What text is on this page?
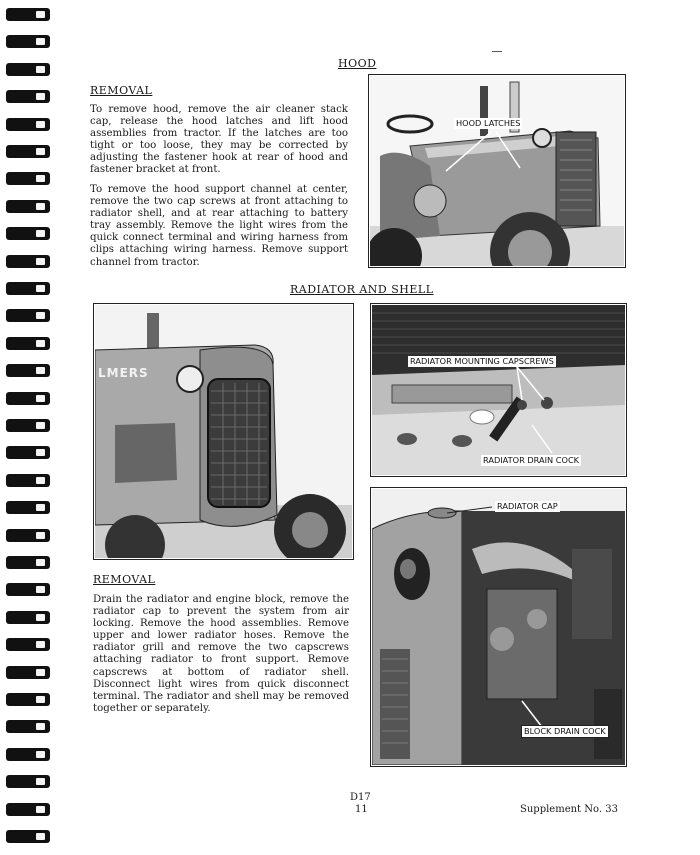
HOOD
REMOVAL
To remove hood, remove the air cleaner stack cap, release the hood latches and lift hood assemblies from tractor. If the latches are too tight or too loose, they may be corrected by adjusting the fastener hook at rear of hood and fastener bracket at front.
To remove the hood support channel at center, remove the two cap screws at front attaching to radiator shell, and at rear attaching to battery tray assembly. Remove the light wires from the quick connect terminal and wiring harness from clips attaching wiring harness. Remove support channel from tractor.
HOOD LATCHES
RADIATOR AND SHELL
LMERS
RADIATOR MOUNTING CAPSCREWS
RADIATOR DRAIN COCK
RADIATOR CAP
BLOCK DRAIN COCK
REMOVAL
Drain the radiator and engine block, remove the radiator cap to prevent the system from air locking. Remove the hood assemblies. Remove upper and lower radiator hoses. Remove the radiator grill and remove the two capscrews attaching radiator to front support. Remove capscrews at bottom of radiator shell. Disconnect light wires from quick disconnect terminal. The radiator and shell may be removed together or separately.
D17
11	Supplement No. 33
